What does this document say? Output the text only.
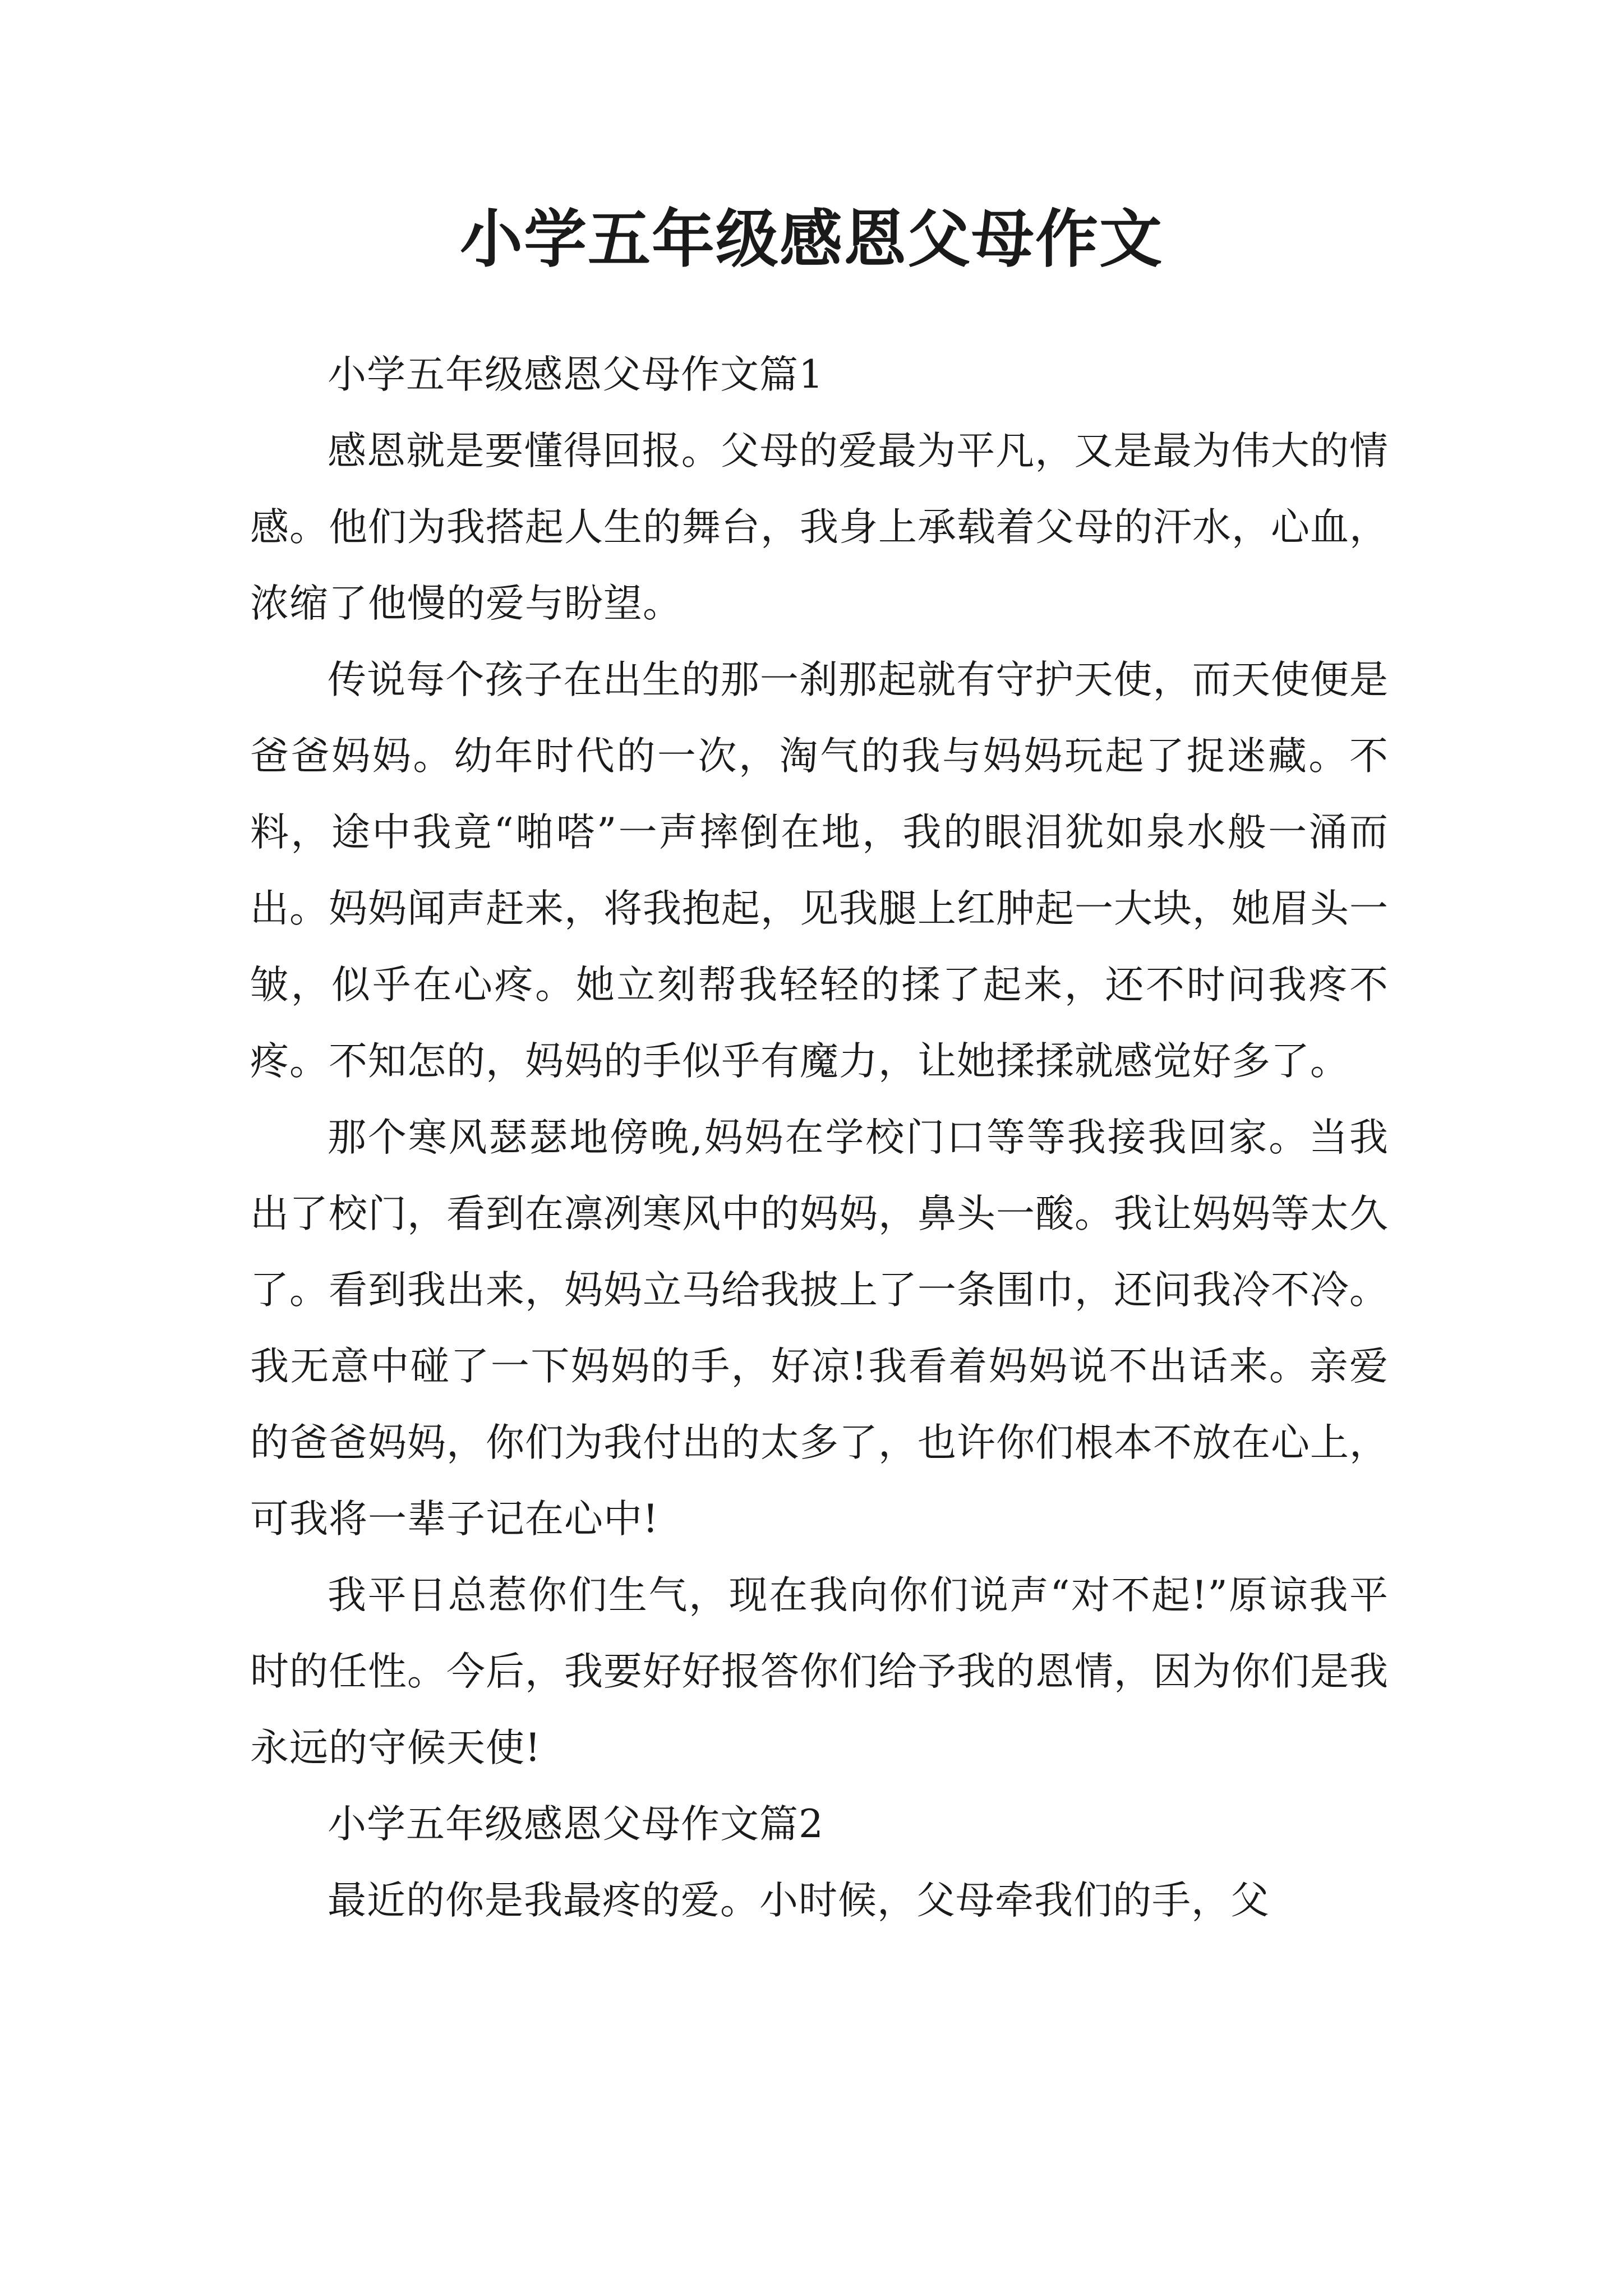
小学五年级感恩父母作文

小学五年级感恩父母作文篇1

感恩就是要懂得回报。父母的爱最为平凡，又是最为伟大的情感。他们为我搭起人生的舞台，我身上承载着父母的汗水，心血，浓缩了他慢的爱与盼望。

传说每个孩子在出生的那一刹那起就有守护天使，而天使便是爸爸妈妈。幼年时代的一次，淘气的我与妈妈玩起了捉迷藏。不料，途中我竟“啪嗒”一声摔倒在地，我的眼泪犹如泉水般一涌而出。妈妈闻声赶来，将我抱起，见我腿上红肿起一大块，她眉头一皱，似乎在心疼。她立刻帮我轻轻的揉了起来，还不时问我疼不疼。不知怎的，妈妈的手似乎有魔力，让她揉揉就感觉好多了。

那个寒风瑟瑟地傍晚,妈妈在学校门口等等我接我回家。当我出了校门，看到在凛冽寒风中的妈妈，鼻头一酸。我让妈妈等太久了。看到我出来，妈妈立马给我披上了一条围巾，还问我冷不冷。我无意中碰了一下妈妈的手，好凉!我看着妈妈说不出话来。亲爱的爸爸妈妈，你们为我付出的太多了，也许你们根本不放在心上，可我将一辈子记在心中!

我平日总惹你们生气，现在我向你们说声“对不起!”原谅我平时的任性。今后，我要好好报答你们给予我的恩情，因为你们是我永远的守候天使!

小学五年级感恩父母作文篇2

最近的你是我最疼的爱。小时候，父母牵我们的手，父
